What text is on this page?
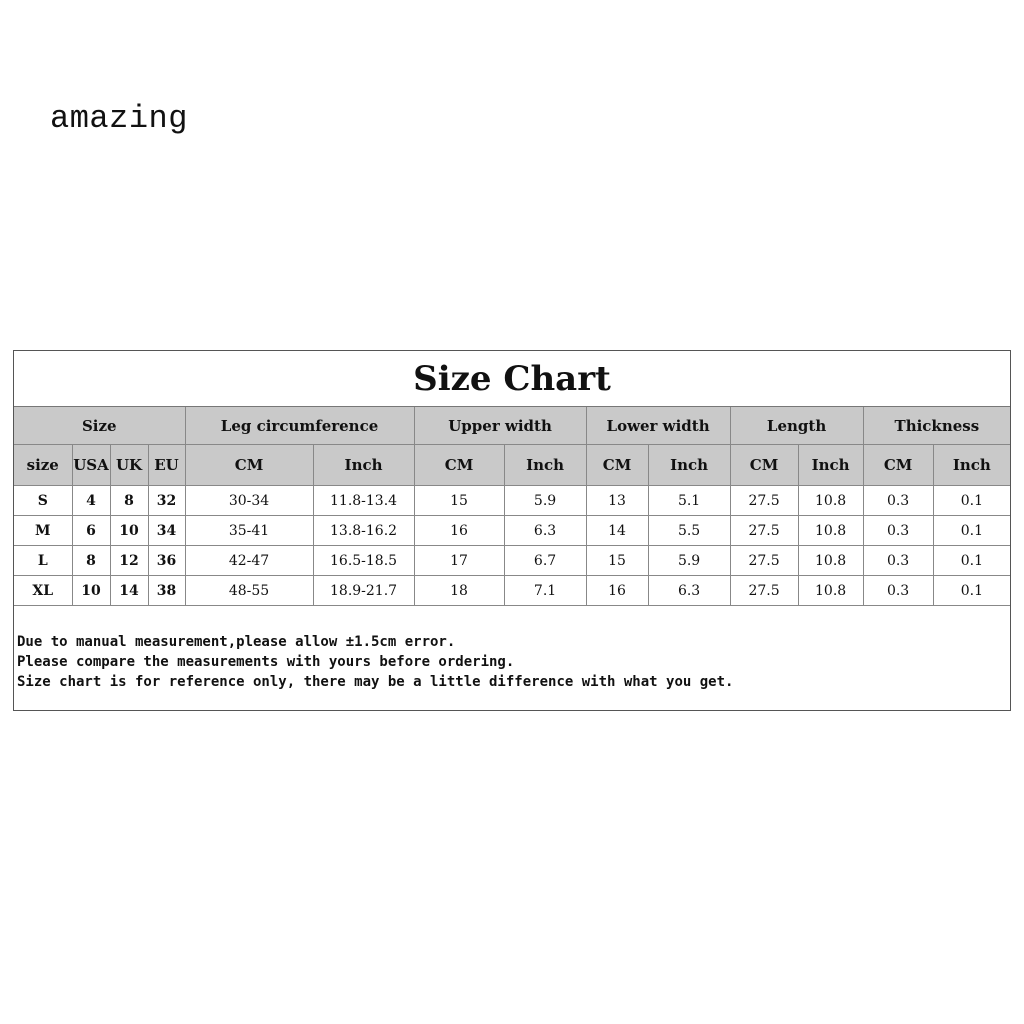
amazing
Size Chart
Size				Leg circumference		Upper width		Lower width		Length		Thickness	
size	USA	UK	EU	CM	Inch	CM	Inch	CM	Inch	CM	Inch	CM	Inch
S	4	8	32	30-34	11.8-13.4	15	5.9	13	5.1	27.5	10.8	0.3	0.1
M	6	10	34	35-41	13.8-16.2	16	6.3	14	5.5	27.5	10.8	0.3	0.1
L	8	12	36	42-47	16.5-18.5	17	6.7	15	5.9	27.5	10.8	0.3	0.1
XL	10	14	38	48-55	18.9-21.7	18	7.1	16	6.3	27.5	10.8	0.3	0.1
Due to manual measurement,please allow ±1.5cm error.
Please compare the measurements with yours before ordering.
Size chart is for reference only, there may be a little difference with what you get.
